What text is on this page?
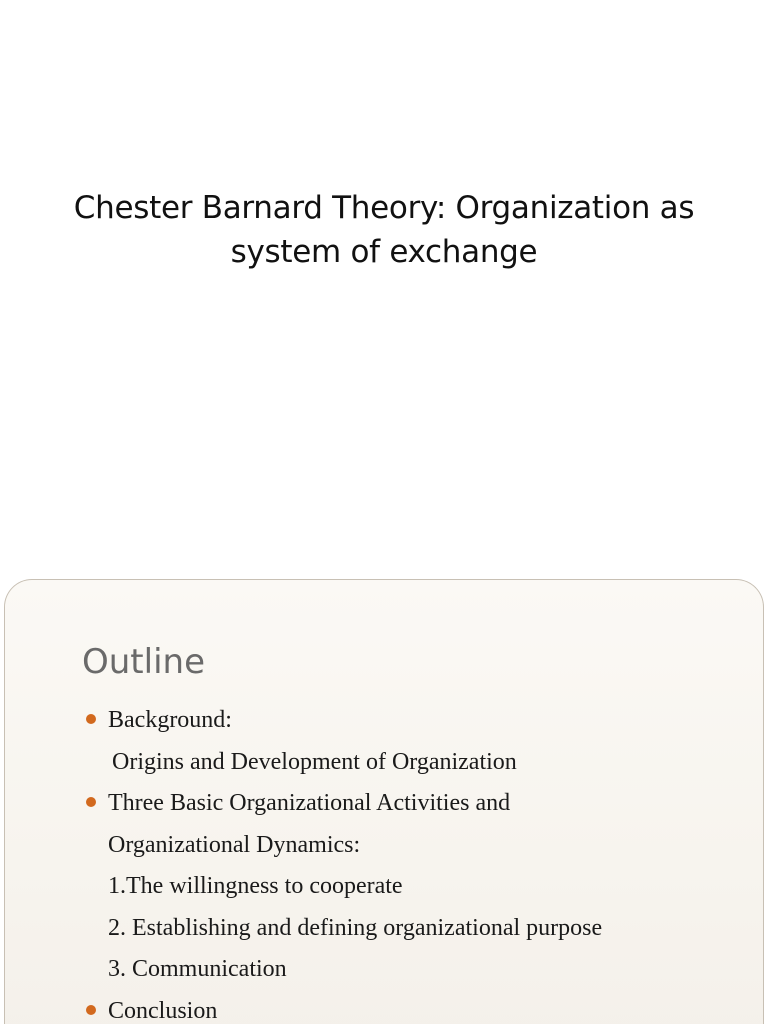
Chester Barnard Theory: Organization as
system of exchange
Outline
Background:
Origins and Development of Organization
Three Basic Organizational Activities and
Organizational Dynamics:
1.The willingness to cooperate
2. Establishing and defining organizational purpose
3. Communication
Conclusion
